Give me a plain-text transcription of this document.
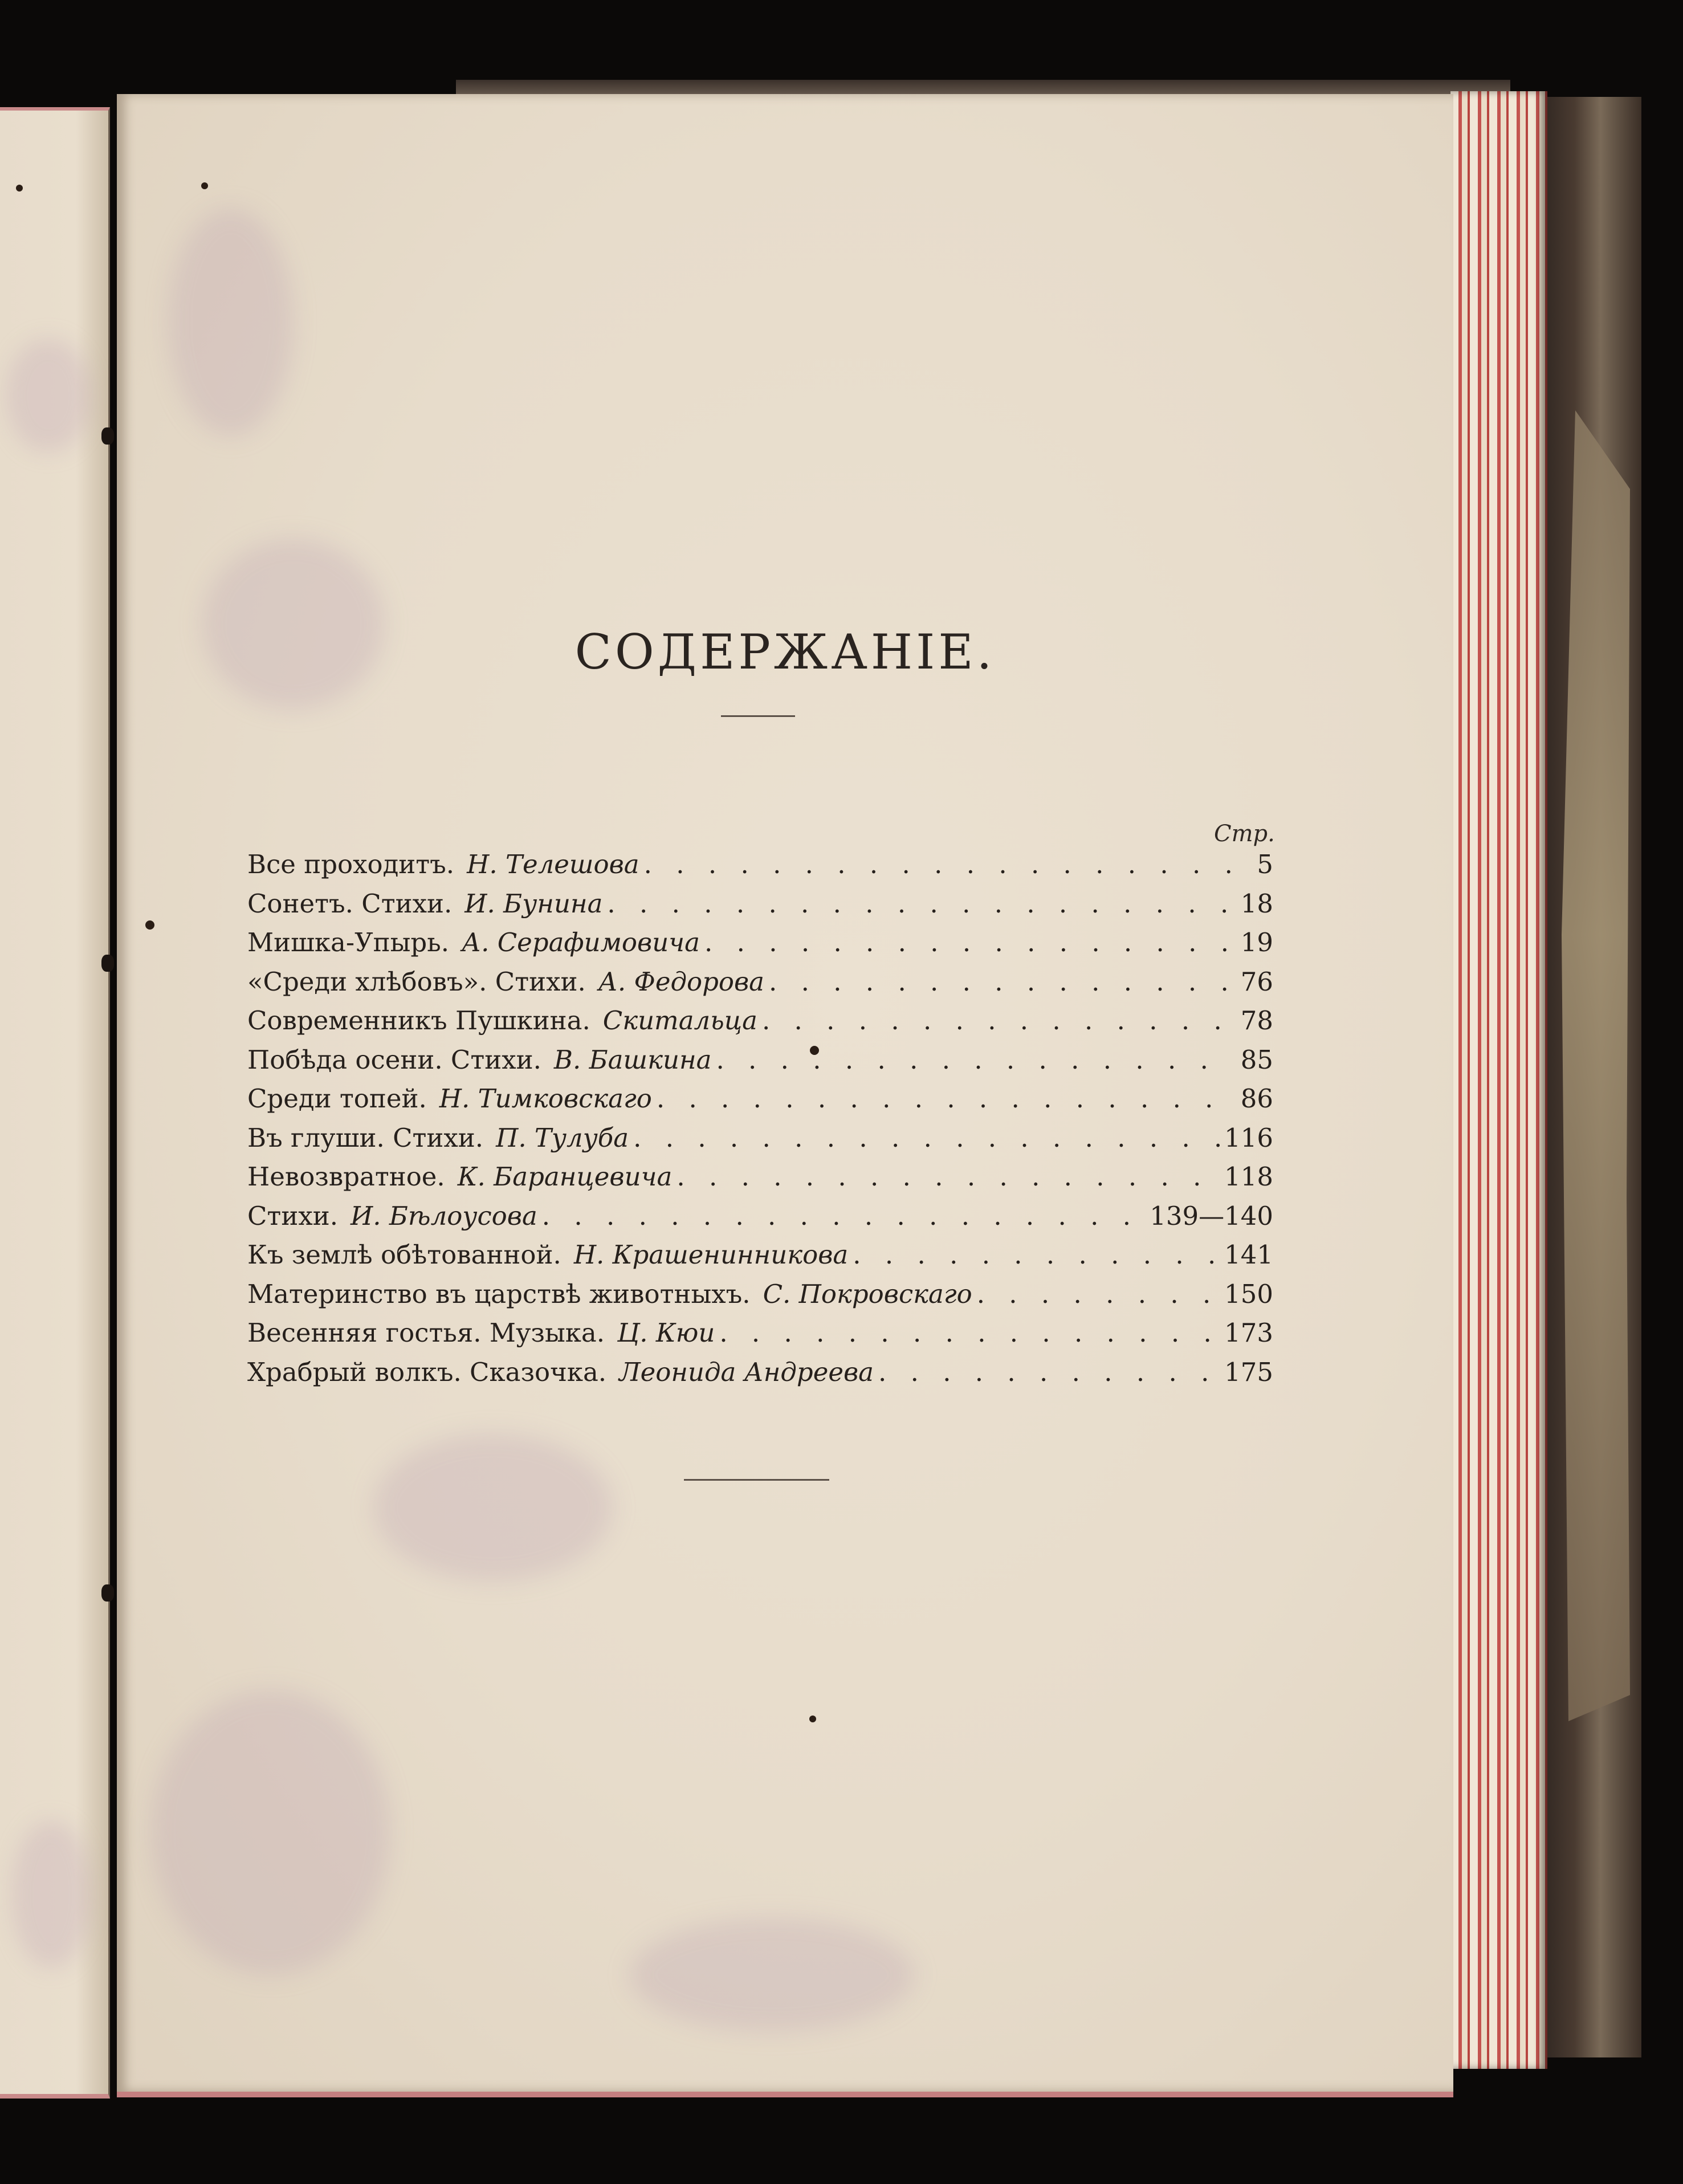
СОДЕРЖАНІЕ.
Стр.
Все проходитъ. Н. Телешова . . .	5
Сонетъ. Стихи. И. Бунина . . .	18
Мишка-Упырь. А. Серафимовича . . .	19
«Среди хлѣбовъ». Стихи. А. Федорова . . .	76
Современникъ Пушкина. Скитальца . . .	78
Побѣда осени. Стихи. В. Башкина . . .	85
Среди топей. Н. Тимковскаго . . .	86
Въ глуши. Стихи. П. Тулуба . . .	116
Невозвратное. К. Баранцевича . . .	118
Стихи. И. Бѣлоусова . . .	139—140
Къ землѣ обѣтованной. Н. Крашенинникова . . .	141
Материнство въ царствѣ животныхъ. С. Покровскаго . . .	150
Весенняя гостья. Музыка. Ц. Кюи . . .	173
Храбрый волкъ. Сказочка. Леонида Андреева . . .	175
